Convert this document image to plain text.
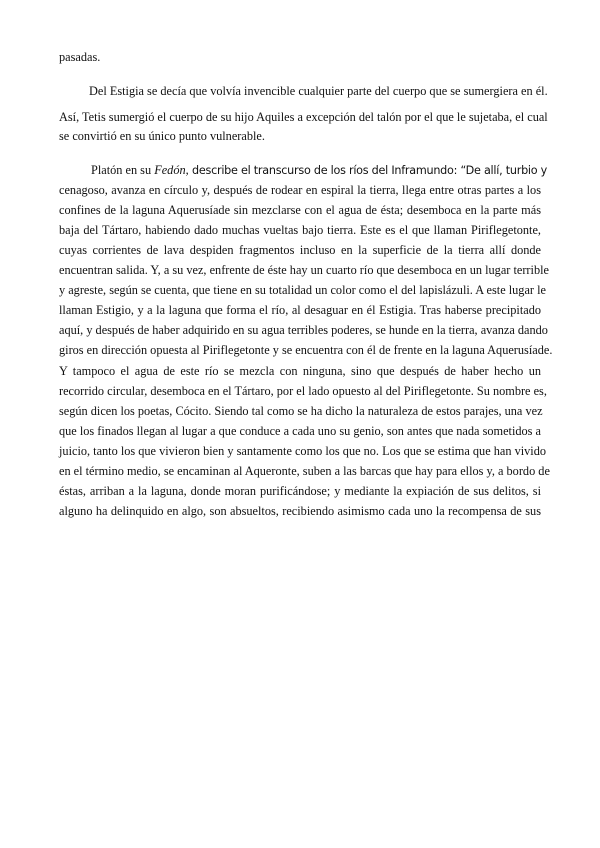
pasadas.
Del Estigia se decía que volvía invencible cualquier parte del cuerpo que se sumergiera en él.
Así, Tetis sumergió el cuerpo de su hijo Aquiles a excepción del talón por el que le sujetaba, el cual
se convirtió en su único punto vulnerable.
Platón en su Fedón, describe el transcurso de los ríos del Inframundo: “De allí, turbio y
cenagoso, avanza en círculo y, después de rodear en espiral la tierra, llega entre otras partes a los
confines de la laguna Aquerusíade sin mezclarse con el agua de ésta; desemboca en la parte más
baja del Tártaro, habiendo dado muchas vueltas bajo tierra. Este es el que llaman Piriflegetonte,
cuyas corrientes de lava despiden fragmentos incluso en la superficie de la tierra allí donde
encuentran salida. Y, a su vez, enfrente de éste hay un cuarto río que desemboca en un lugar terrible
y agreste, según se cuenta, que tiene en su totalidad un color como el del lapislázuli. A este lugar le
llaman Estigio, y a la laguna que forma el río, al desaguar en él Estigia. Tras haberse precipitado
aquí, y después de haber adquirido en su agua terribles poderes, se hunde en la tierra, avanza dando
giros en dirección opuesta al Piriflegetonte y se encuentra con él de frente en la laguna Aquerusíade.
Y tampoco el agua de este río se mezcla con ninguna, sino que después de haber hecho un
recorrido circular, desemboca en el Tártaro, por el lado opuesto al del Piriflegetonte. Su nombre es,
según dicen los poetas, Cócito. Siendo tal como se ha dicho la naturaleza de estos parajes, una vez
que los finados llegan al lugar a que conduce a cada uno su genio, son antes que nada sometidos a
juicio, tanto los que vivieron bien y santamente como los que no. Los que se estima que han vivido
en el término medio, se encaminan al Aqueronte, suben a las barcas que hay para ellos y, a bordo de
éstas, arriban a la laguna, donde moran purificándose; y mediante la expiación de sus delitos, si
alguno ha delinquido en algo, son absueltos, recibiendo asimismo cada uno la recompensa de sus
